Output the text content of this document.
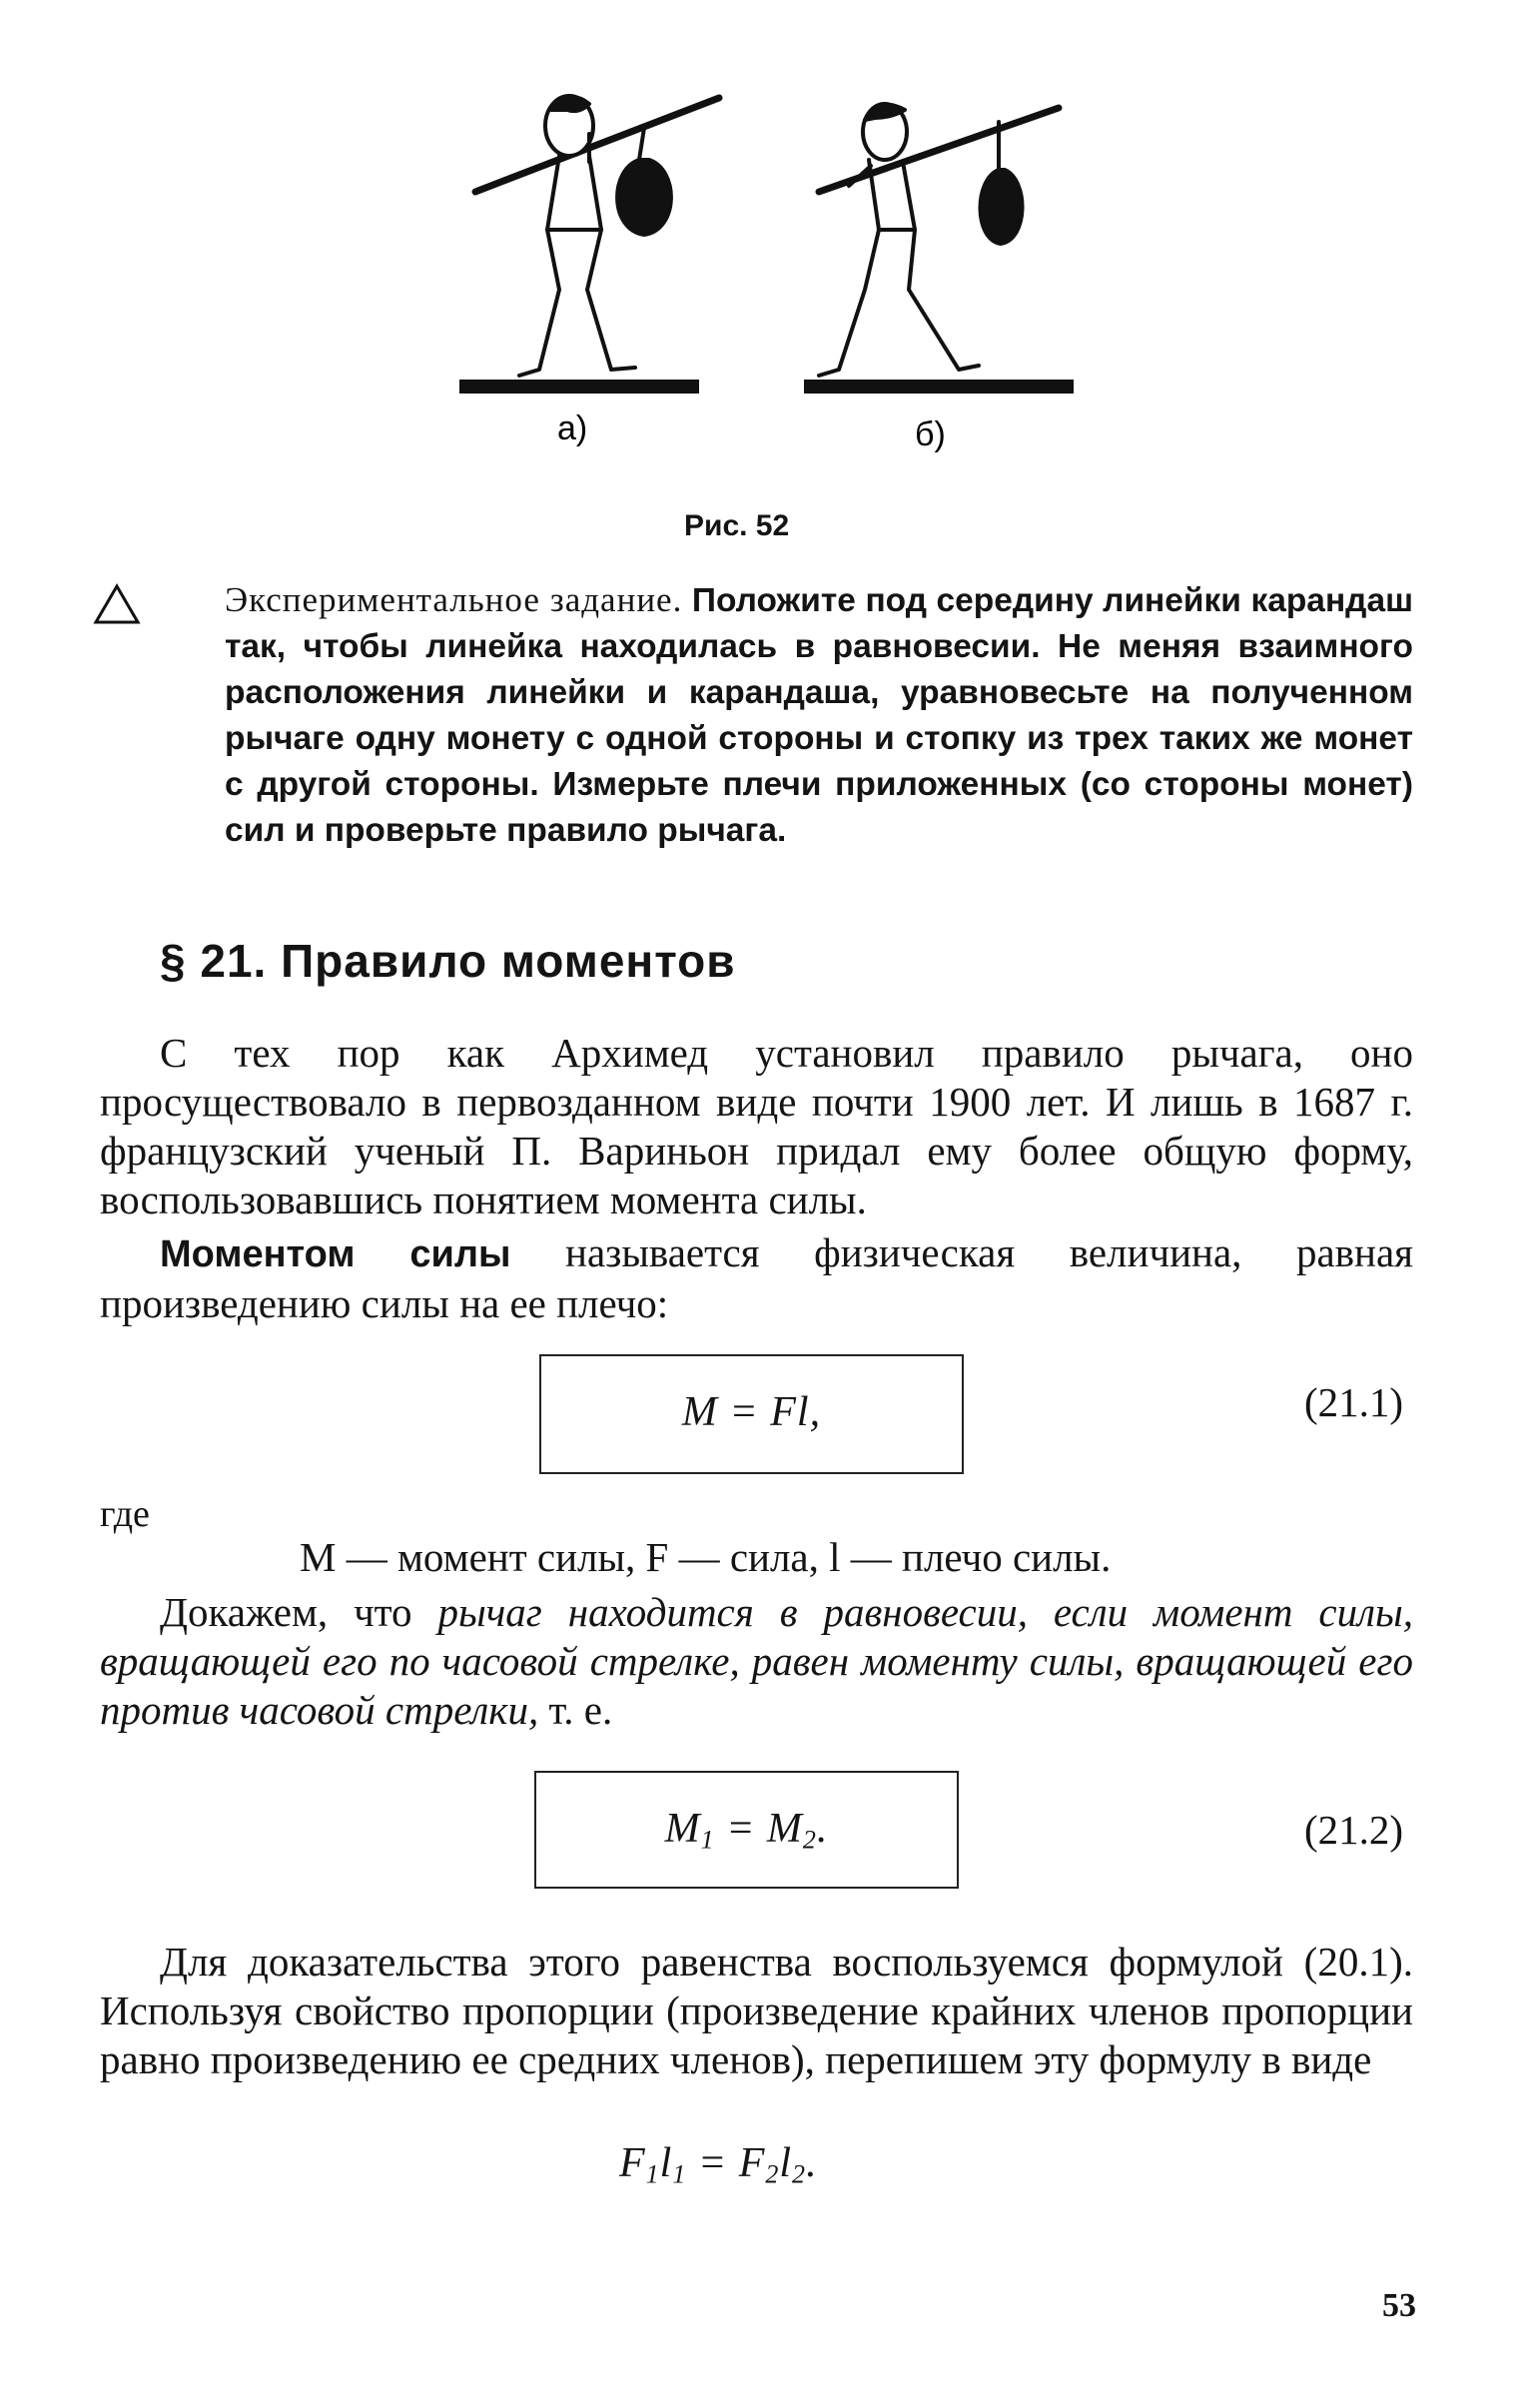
а)	б)
Рис. 52
Экспериментальное задание. Положите под середину линейки карандаш так, чтобы линейка находилась в равновесии. Не меняя взаимного расположения линейки и карандаша, уравновесьте на полученном рычаге одну монету с одной стороны и стопку из трех таких же монет с другой стороны. Измерьте плечи приложенных (со стороны монет) сил и проверьте правило рычага.
§ 21. Правило моментов
С тех пор как Архимед установил правило рычага, оно просуществовало в первозданном виде почти 1900 лет. И лишь в 1687 г. французский ученый П. Вариньон придал ему более общую форму, воспользовавшись понятием момента силы.
Моментом силы называется физическая величина, равная произведению силы на ее плечо:
M = Fl,	(21.1)
где
M — момент силы, F — сила, l — плечо силы.
Докажем, что рычаг находится в равновесии, если момент силы, вращающей его по часовой стрелке, равен моменту силы, вращающей его против часовой стрелки, т. е.
$M_1 = M_2$.	(21.2)
Для доказательства этого равенства воспользуемся формулой (20.1). Используя свойство пропорции (произведение крайних членов пропорции равно произведению ее средних членов), перепишем эту формулу в виде
$F_1l_1 = F_2l_2$.
53
